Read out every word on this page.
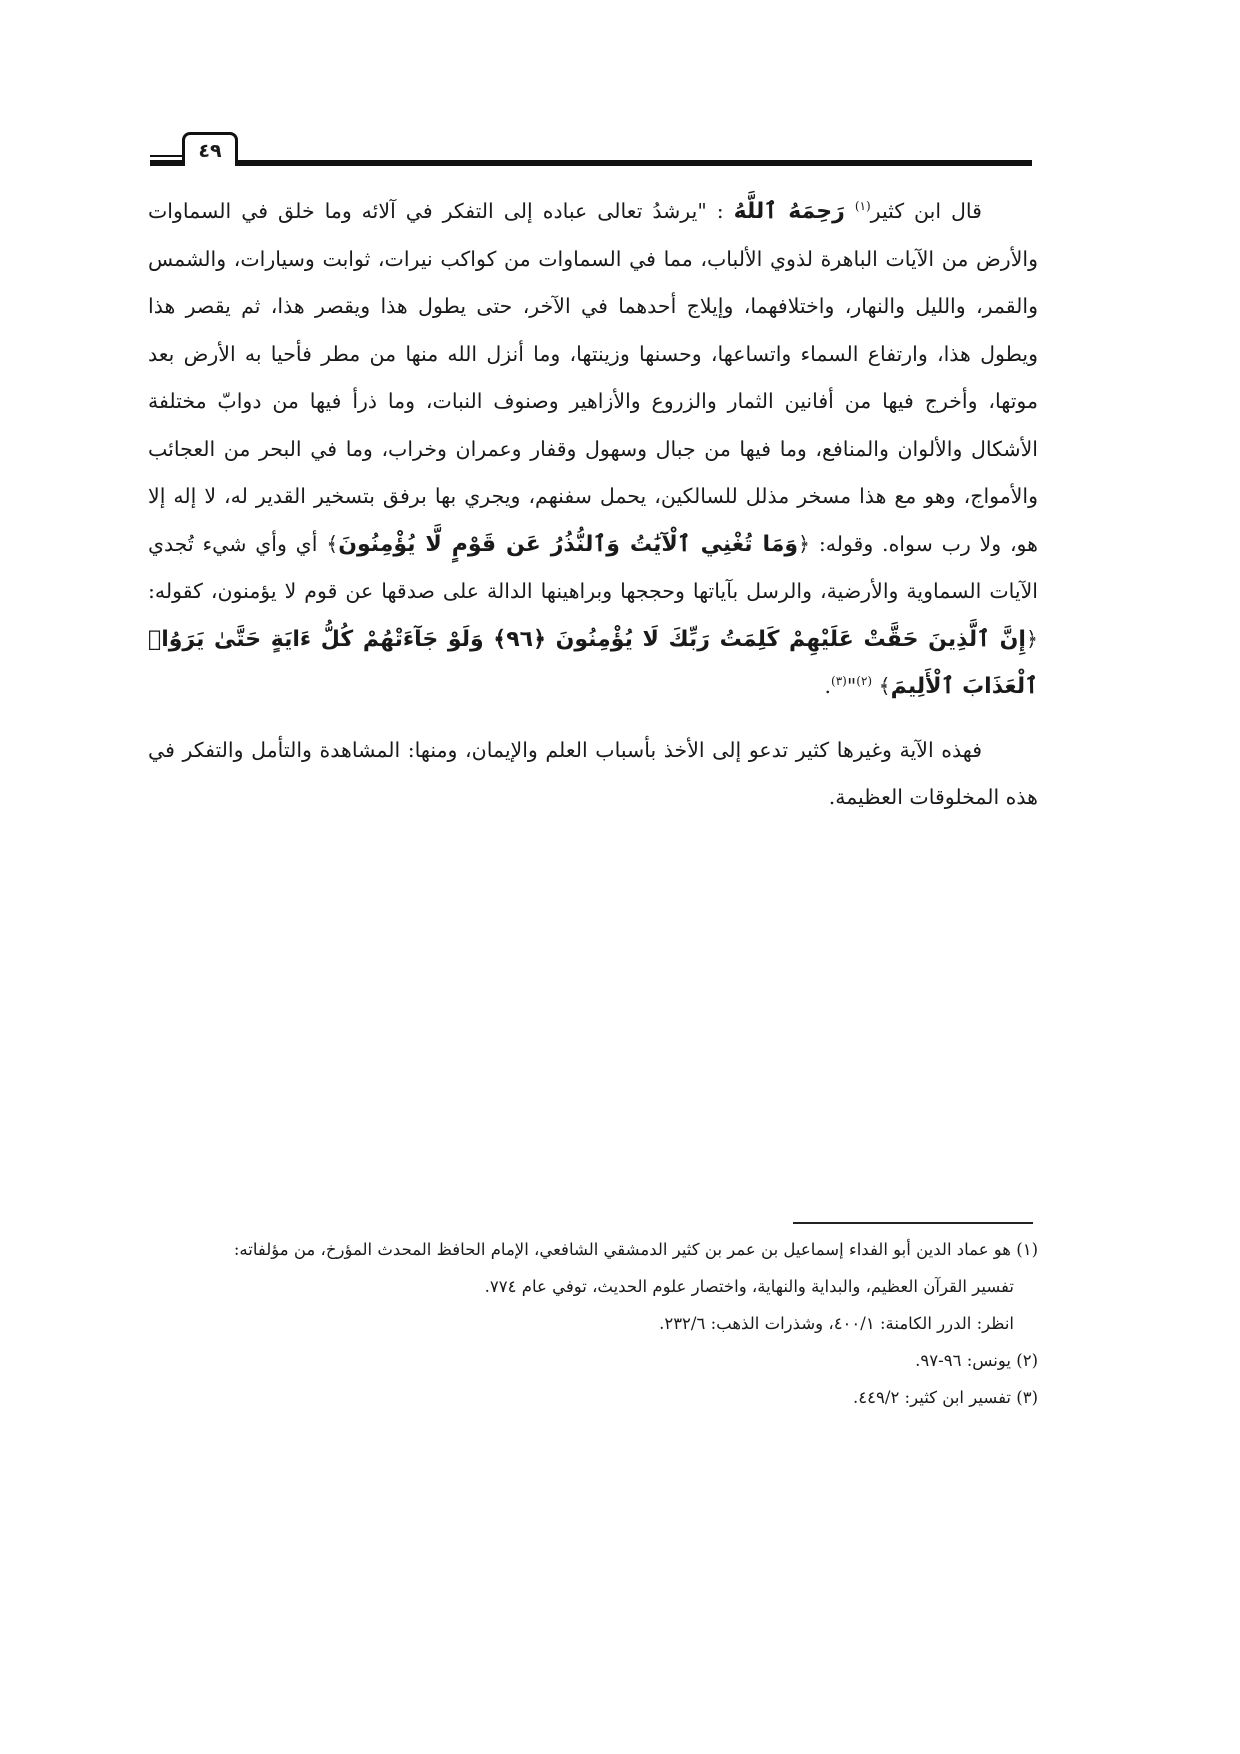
٤٩

قال ابن كثير$^{(١)}$ رَحِمَهُ ٱللَّهُ : "يرشدُ تعالى عباده إلى التفكر في آلائه وما خلق في السماوات والأرض من الآيات الباهرة لذوي الألباب، مما في السماوات من كواكب نيرات، ثوابت وسيارات، والشمس والقمر، والليل والنهار، واختلافهما، وإيلاج أحدهما في الآخر، حتى يطول هذا ويقصر هذا، ثم يقصر هذا ويطول هذا، وارتفاع السماء واتساعها، وحسنها وزينتها، وما أنزل الله منها من مطر فأحيا به الأرض بعد موتها، وأخرج فيها من أفانين الثمار والزروع والأزاهير وصنوف النبات، وما ذرأ فيها من دوابّ مختلفة الأشكال والألوان والمنافع، وما فيها من جبال وسهول وقفار وعمران وخراب، وما في البحر من العجائب والأمواج، وهو مع هذا مسخر مذلل للسالكين، يحمل سفنهم، ويجري بها برفق بتسخير القدير له، لا إله إلا هو، ولا رب سواه. وقوله: ﴿وَمَا تُغْنِي ٱلْآيَٰتُ وَٱلنُّذُرُ عَن قَوْمٍ لَّا يُؤْمِنُونَ﴾ أي وأي شيء تُجدي الآيات السماوية والأرضية، والرسل بآياتها وحججها وبراهينها الدالة على صدقها عن قوم لا يؤمنون، كقوله: ﴿إِنَّ ٱلَّذِينَ حَقَّتْ عَلَيْهِمْ كَلِمَتُ رَبِّكَ لَا يُؤْمِنُونَ ﴿٩٦﴾ وَلَوْ جَآءَتْهُمْ كُلُّ ءَايَةٍ حَتَّىٰ يَرَوُا۟ ٱلْعَذَابَ ٱلْأَلِيمَ﴾ $^{(٢)}$"$^{(٣)}$.

فهذه الآية وغيرها كثير تدعو إلى الأخذ بأسباب العلم والإيمان، ومنها: المشاهدة والتأمل والتفكر في هذه المخلوقات العظيمة.

(١) هو عماد الدين أبو الفداء إسماعيل بن عمر بن كثير الدمشقي الشافعي، الإمام الحافظ المحدث المؤرخ، من مؤلفاته:
تفسير القرآن العظيم، والبداية والنهاية، واختصار علوم الحديث، توفي عام ٧٧٤.
انظر: الدرر الكامنة: ٤٠٠/١، وشذرات الذهب: ٢٣٢/٦.
(٢) يونس: ٩٦-٩٧.
(٣) تفسير ابن كثير: ٤٤٩/٢.
